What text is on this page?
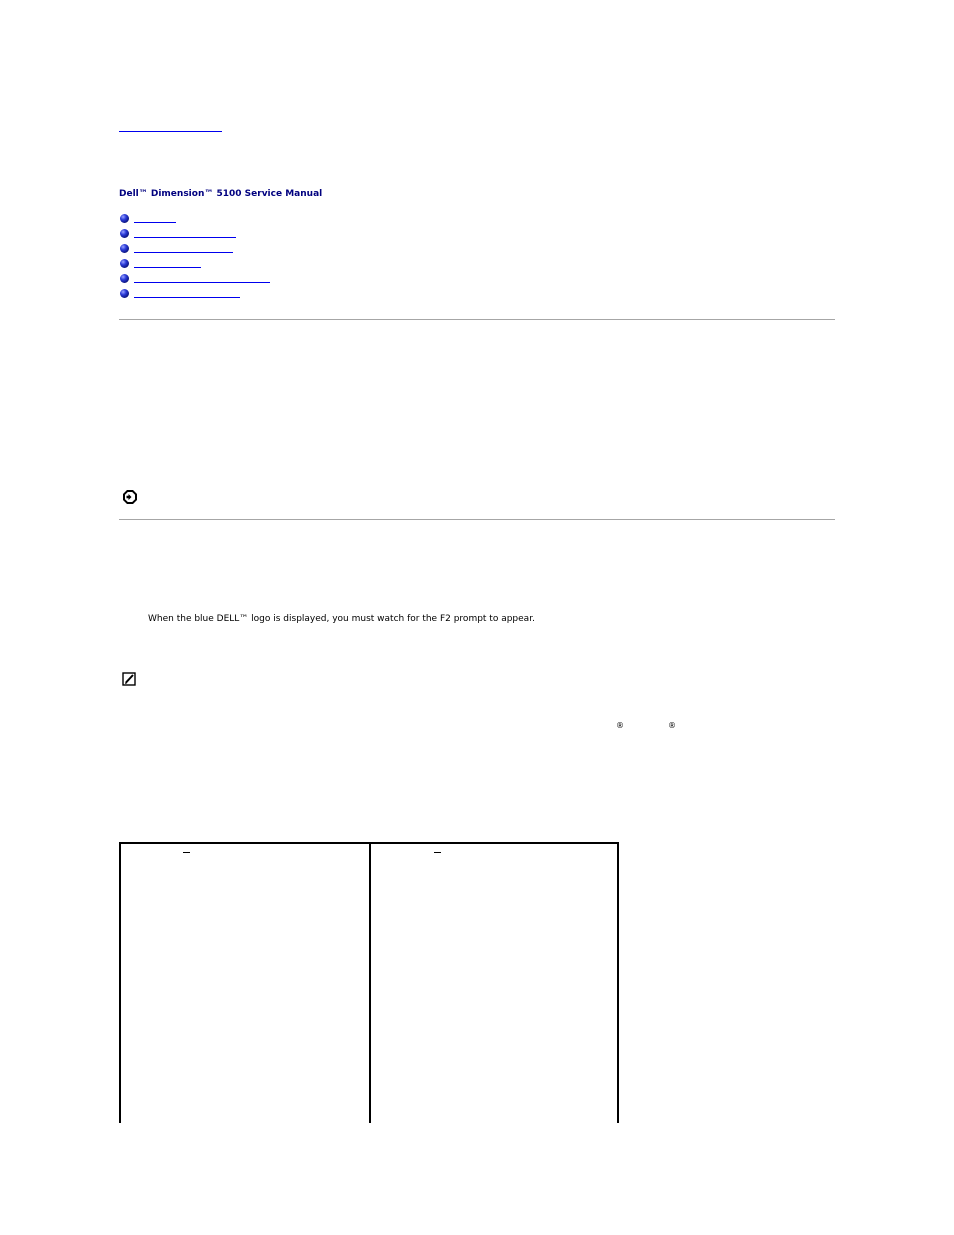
Dell™ Dimension™ 5100 Service Manual
When the blue DELL™ logo is displayed, you must watch for the F2 prompt to appear.
®	®
